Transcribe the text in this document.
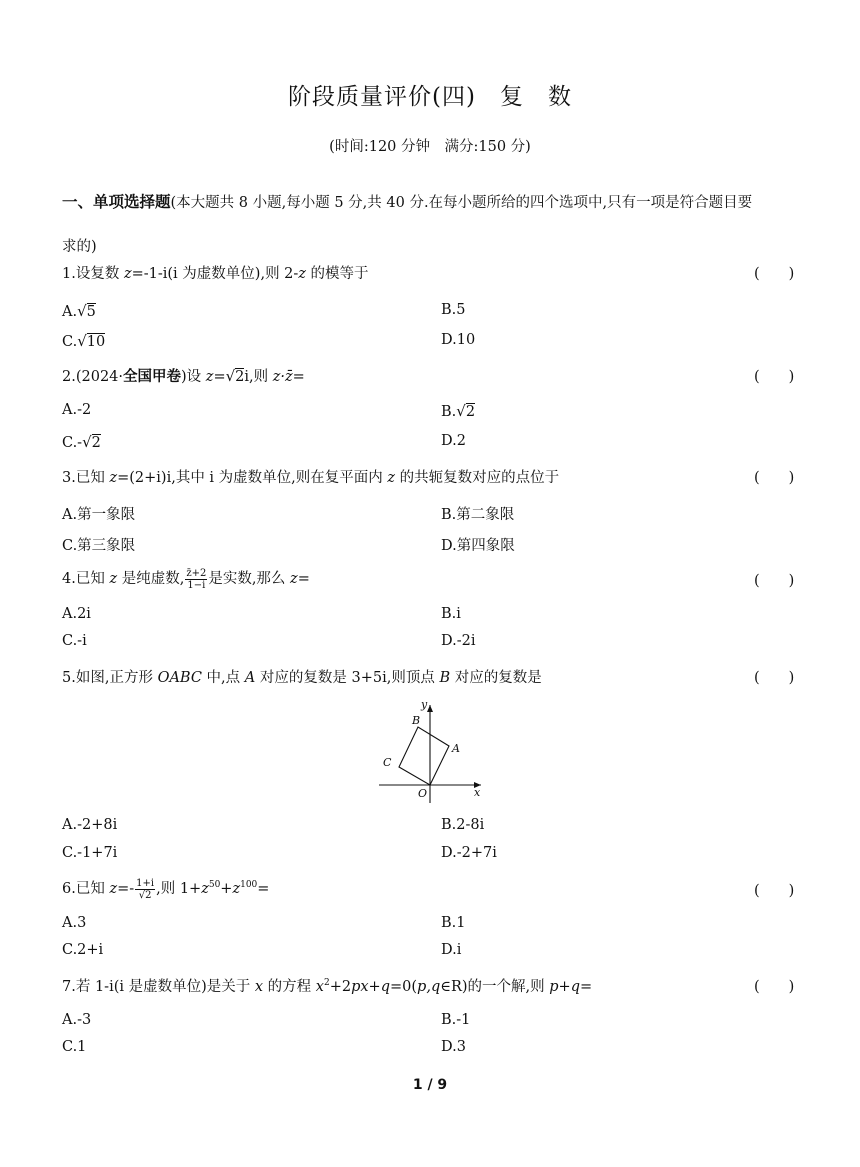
阶段质量评价(四)　复　数
(时间:120 分钟　满分:150 分)
一、单项选择题(本大题共 8 小题,每小题 5 分,共 40 分.在每小题所给的四个选项中,只有一项是符合题目要
求的)
1.设复数 z=-1-i(i 为虚数单位),则 2-z 的模等于	(　　)
A.√5	B.5
C.√10	D.10
2.(2024·全国甲卷)设 z=√2i,则 z·z̄=	(　　)
A.-2	B.√2
C.-√2	D.2
3.已知 z=(2+i)i,其中 i 为虚数单位,则在复平面内 z 的共轭复数对应的点位于	(　　)
A.第一象限	B.第二象限
C.第三象限	D.第四象限
4.已知 z 是纯虚数, $\frac{z̄+2}{1-i}$ 是实数,那么 z=	(　　)
A.2i	B.i
C.-i	D.-2i
5.如图,正方形 OABC 中,点 A 对应的复数是 3+5i,则顶点 B 对应的复数是	(　　)
y
x
O
A
B
C
A.-2+8i	B.2-8i
C.-1+7i	D.-2+7i
6.已知 $z=- \frac{1+i}{√2}$ ,则 $1+z^{50}+z^{100}=$	(　　)
A.3	B.1
C.2+i	D.i
7.若 1-i(i 是虚数单位)是关于 x 的方程 $x^2+2px+q=0(p,q\in R)$的一个解,则 p+q=	(　　)
A.-3	B.-1
C.1	D.3
1 / 9
